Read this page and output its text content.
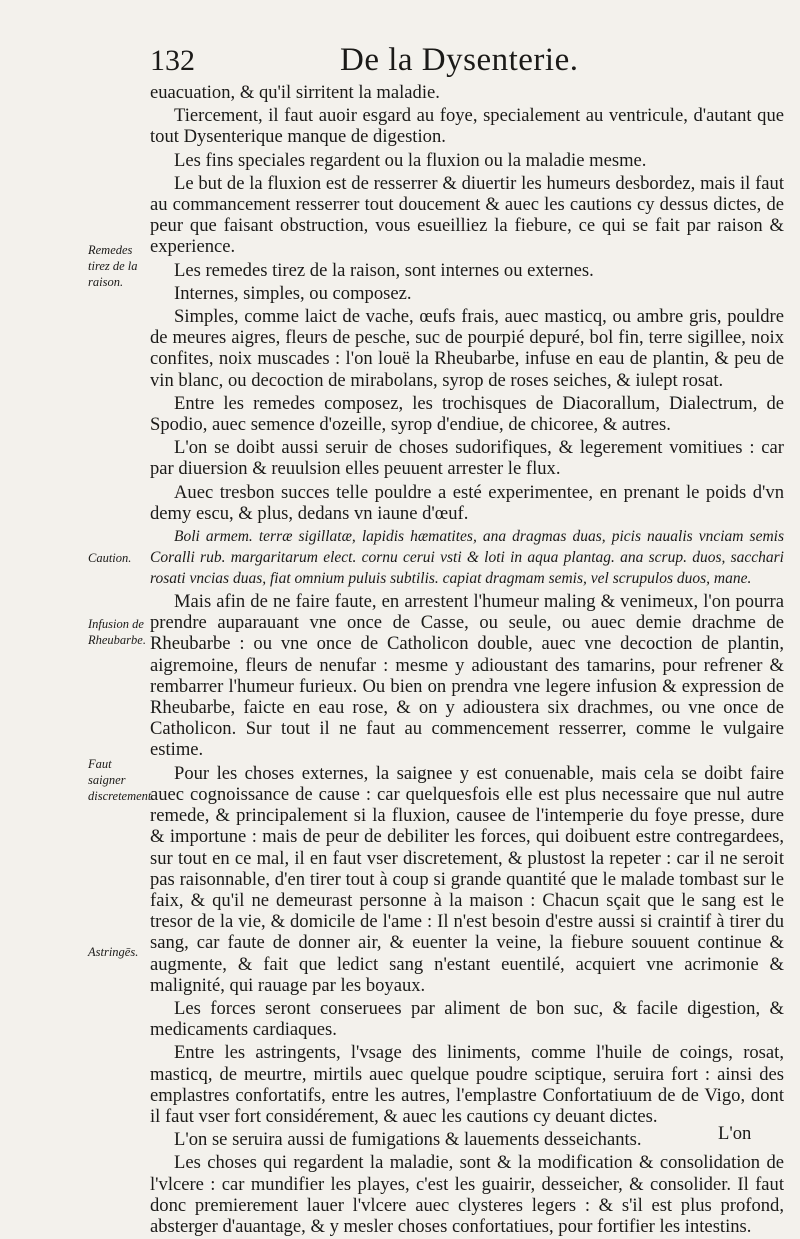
132	De la Dysenterie.

euacuation, & qu'il sirritent la maladie.

Tiercement, il faut auoir esgard au foye, specialement au ventricule, d'autant que tout Dysenterique manque de digestion.

Les fins speciales regardent ou la fluxion ou la maladie mesme.

Le but de la fluxion est de resserrer & diuertir les humeurs desbordez, mais il faut au commancement resserrer tout doucement & auec les cautions cy dessus dictes, de peur que faisant obstruction, vous esueilliez la fiebure, ce qui se fait par raison & experience.

Les remedes tirez de la raison, sont internes ou externes.

Internes, simples, ou composez.

Simples, comme laict de vache, œufs frais, auec masticq, ou ambre gris, pouldre de meures aigres, fleurs de pesche, suc de pourpié depuré, bol fin, terre sigillee, noix confites, noix muscades : l'on louë la Rheubarbe, infuse en eau de plantin, & peu de vin blanc, ou decoction de mirabolans, syrop de roses seiches, & iulept rosat.

Entre les remedes composez, les trochisques de Diacorallum, Dialectrum, de Spodio, auec semence d'ozeille, syrop d'endiue, de chicoree, & autres.

L'on se doibt aussi seruir de choses sudorifiques, & legerement vomitiues : car par diuersion & reuulsion elles peuuent arrester le flux.

Auec tresbon succes telle pouldre a esté experimentee, en prenant le poids d'vn demy escu, & plus, dedans vn iaune d'œuf.

Boli armem. terræ sigillatæ, lapidis hæmatites, ana dragmas duas, picis naualis vnciam semis Coralli rub. margaritarum elect. cornu cerui vsti & loti in aqua plantag. ana scrup. duos, sacchari rosati vncias duas, fiat omnium puluis subtilis. capiat dragmam semis, vel scrupulos duos, mane.

Mais afin de ne faire faute, en arrestent l'humeur maling & venimeux, l'on pourra prendre auparauant vne once de Casse, ou seule, ou auec demie drachme de Rheubarbe : ou vne once de Catholicon double, auec vne decoction de plantin, aigremoine, fleurs de nenufar : mesme y adioustant des tamarins, pour refrener & rembarrer l'humeur furieux. Ou bien on prendra vne legere infusion & expression de Rheubarbe, faicte en eau rose, & on y adioustera six drachmes, ou vne once de Catholicon. Sur tout il ne faut au commencement resserrer, comme le vulgaire estime.

Pour les choses externes, la saignee y est conuenable, mais cela se doibt faire auec cognoissance de cause : car quelquesfois elle est plus necessaire que nul autre remede, & principalement si la fluxion, causee de l'intemperie du foye presse, dure & importune : mais de peur de debiliter les forces, qui doibuent estre contregardees, sur tout en ce mal, il en faut vser discretement, & plustost la repeter : car il ne seroit pas raisonnable, d'en tirer tout à coup si grande quantité que le malade tombast sur le faix, & qu'il ne demeurast personne à la maison : Chacun sçait que le sang est le tresor de la vie, & domicile de l'ame : Il n'est besoin d'estre aussi si craintif à tirer du sang, car faute de donner air, & euenter la veine, la fiebure souuent continue & augmente, & fait que ledict sang n'estant euentilé, acquiert vne acrimonie & malignité, qui rauage par les boyaux.

Les forces seront conseruees par aliment de bon suc, & facile digestion, & medicaments cardiaques.

Entre les astringents, l'vsage des liniments, comme l'huile de coings, rosat, masticq, de meurtre, mirtils auec quelque poudre sciptique, seruira fort : ainsi des emplastres confortatifs, entre les autres, l'emplastre Confortatiuum de de Vigo, dont il faut vser fort considérement, & auec les cautions cy deuant dictes.

L'on se seruira aussi de fumigations & lauements desseichants.

Les choses qui regardent la maladie, sont & la modification & consolidation de l'vlcere : car mundifier les playes, c'est les guairir, desseicher, & consolider. Il faut donc premierement lauer l'vlcere auec clysteres legers : & s'il est plus profond, absterger d'auantage, & y mesler choses confortatiues, pour fortifier les intestins.

Remedes tirez de la raison.
Caution.
Infusion de Rheubarbe.
Faut saigner discretement.
Astringēs.
L'on
